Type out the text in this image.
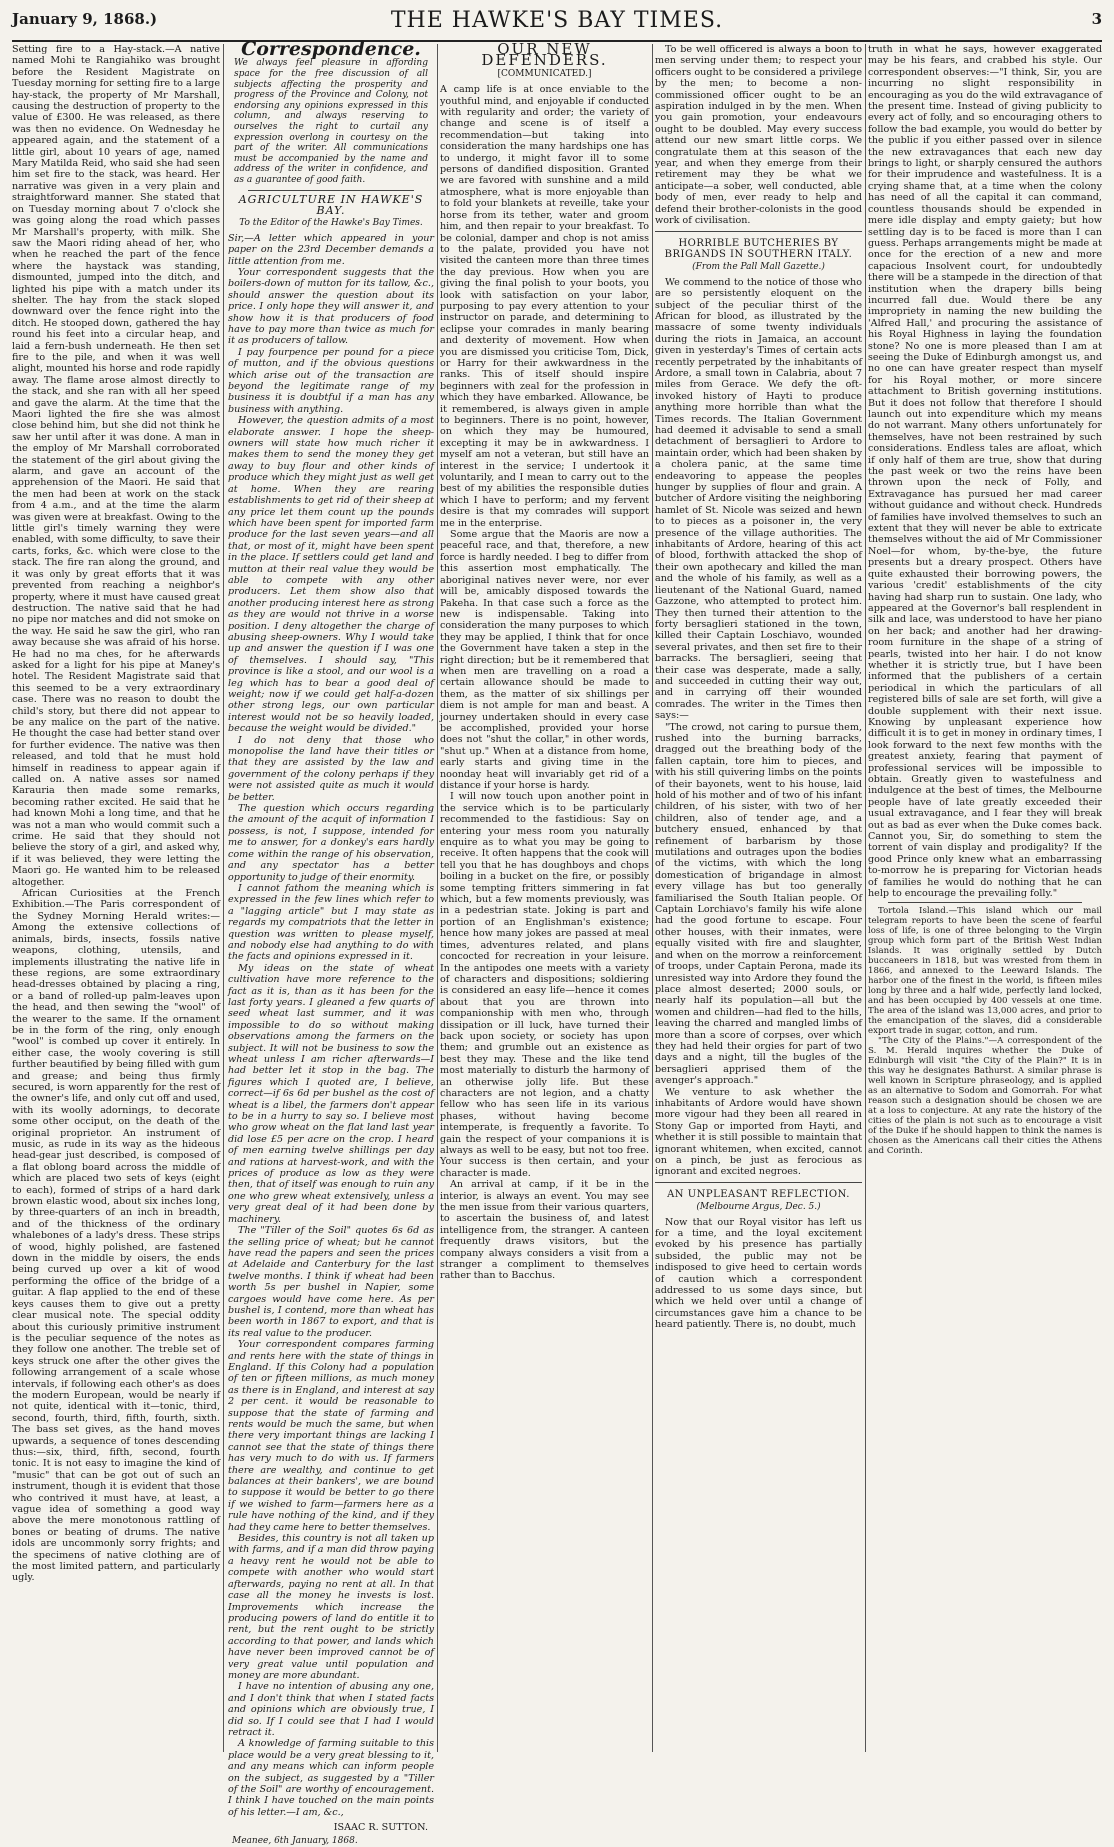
January 9, 1868.)	THE HAWKE'S BAY TIMES.	3

Setting fire to a Hay-stack.—A native named Mohi te Rangiahiko was brought before the Resident Magistrate on Tuesday morning for setting fire to a large hay-stack, the property of Mr Marshall, causing the destruction of property to the value of £300. He was released, as there was then no evidence. On Wednesday he appeared again, and the statement of a little girl, about 10 years of age, named Mary Matilda Reid, who said she had seen him set fire to the stack, was heard. Her narrative was given in a very plain and straightforward manner. She stated that on Tuesday morning about 7 o'clock she was going along the road which passes Mr Marshall's property, with milk. She saw the Maori riding ahead of her, who when he reached the part of the fence where the haystack was standing, dismounted, jumped into the ditch, and lighted his pipe with a match under its shelter. The hay from the stack sloped downward over the fence right into the ditch. He stooped down, gathered the hay round his feet into a circular heap, and laid a fern-bush underneath. He then set fire to the pile, and when it was well alight, mounted his horse and rode rapidly away. The flame arose almost directly to the stack, and she ran with all her speed and gave the alarm. At the time that the Maori lighted the fire she was almost close behind him, but she did not think he saw her until after it was done. A man in the employ of Mr Marshall corroborated the statement of the girl about giving the alarm, and gave an account of the apprehension of the Maori. He said that the men had been at work on the stack from 4 a.m., and at the time the alarm was given were at breakfast. Owing to the little girl's timely warning they were enabled, with some difficulty, to save their carts, forks, &c. which were close to the stack. The fire ran along the ground, and it was only by great efforts that it was prevented from reaching a neighbor's property, where it must have caused great destruction. The native said that he had no pipe nor matches and did not smoke on the way. He said he saw the girl, who ran away because she was afraid of his horse. He had no ma ches, for he afterwards asked for a light for his pipe at Maney's hotel. The Resident Magistrate said that this seemed to be a very extraordinary case. There was no reason to doubt the child's story, but there did not appear to be any malice on the part of the native. He thought the case had better stand over for further evidence. The native was then released, and told that he must hold himself in readiness to appear again if called on. A native asses sor named Karauria then made some remarks, becoming rather excited. He said that he had known Mohi a long time, and that he was not a man who would commit such a crime. He said that they should not believe the story of a girl, and asked why, if it was believed, they were letting the Maori go. He wanted him to be released altogether.

African Curiosities at the French Exhibition.—The Paris correspondent of the Sydney Morning Herald writes:—Among the extensive collections of animals, birds, insects, fossils native weapons, clothing, utensils, and implements illustrating the native life in these regions, are some extraordinary head-dresses obtained by placing a ring, or a band of rolled-up palm-leaves upon the head, and then sewing the "wool" of the wearer to the same. If the ornament be in the form of the ring, only enough "wool" is combed up cover it entirely. In either case, the wooly covering is still further beautified by being filled with gum and grease; and being thus firmly secured, is worn apparently for the rest of the owner's life, and only cut off and used, with its woolly adornings, to decorate some other occiput, on the death of the original proprietor. An instrument of music, as rude in its way as the hideous head-gear just described, is composed of a flat oblong board across the middle of which are placed two sets of keys (eight to each), formed of strips of a hard dark brown elastic wood, about six inches long, by three-quarters of an inch in breadth, and of the thickness of the ordinary whalebones of a lady's dress. These strips of wood, highly polished, are fastened down in the middle by oisers, the ends being curved up over a kit of wood performing the office of the bridge of a guitar. A flap applied to the end of these keys causes them to give out a pretty clear musical note. The special oddity about this curiously primitive instrument is the peculiar sequence of the notes as they follow one another. The treble set of keys struck one after the other gives the following arrangement of a scale whose intervals, if following each other's as does the modern European, would be nearly if not quite, identical with it—tonic, third, second, fourth, third, fifth, fourth, sixth. The bass set gives, as the hand moves upwards, a sequence of tones descending thus:—six, third, fifth, second, fourth tonic. It is not easy to imagine the kind of "music" that can be got out of such an instrument, though it is evident that those who contrived it must have, at least, a vague idea of something a good way above the mere monotonous rattling of bones or beating of drums. The native idols are uncommonly sorry frights; and the specimens of native clothing are of the most limited pattern, and particularly ugly.

Correspondence.
We always feel pleasure in affording space for the free discussion of all subjects affecting the prosperity and progress of the Province and Colony, not endorsing any opinions expressed in this column, and always reserving to ourselves the right to curtail any expression overlong in courtesy on the part of the writer. All communications must be accompanied by the name and address of the writer in confidence, and as a guarantee of good faith.
AGRICULTURE IN HAWKE'S BAY.
To the Editor of the Hawke's Bay Times.

Sir,—A letter which appeared in your paper on the 23rd December demands a little attention from me.

Your correspondent suggests that the boilers-down of mutton for its tallow, &c., should answer the question about its price. I only hope they will answer it, and show how it is that producers of food have to pay more than twice as much for it as producers of tallow.

I pay fourpence per pound for a piece of mutton, and if the obvious questions which arise out of the transaction are beyond the legitimate range of my business it is doubtful if a man has any business with anything.

However, the question admits of a most elaborate answer. I hope the sheep-owners will state how much richer it makes them to send the money they get away to buy flour and other kinds of produce which they might just as well get at home. When they are rearing establishments to get rid of their sheep at any price let them count up the pounds which have been spent for imported farm produce for the last seven years—and all that, or most of it, might have been spent in the place. If settlers could get land and mutton at their real value they would be able to compete with any other producers. Let them show also that another producing interest here as strong as they are would not thrive in a worse position. I deny altogether the charge of abusing sheep-owners. Why I would take up and answer the question if I was one of themselves. I should say, "This province is like a stool, and our wool is a leg which has to bear a good deal of weight; now if we could get half-a-dozen other strong legs, our own particular interest would not be so heavily loaded, because the weight would be divided."

I do not deny that those who monopolise the land have their titles or that they are assisted by the law and government of the colony perhaps if they were not assisted quite as much it would be better.

The question which occurs regarding the amount of the acquit of information I possess, is not, I suppose, intended for me to answer, for a donkey's ears hardly come within the range of his observation, and any spectator has a better opportunity to judge of their enormity.

I cannot fathom the meaning which is expressed in the few lines which refer to a "lagging article" but I may state as regards my compatriots that the letter in question was written to please myself, and nobody else had anything to do with the facts and opinions expressed in it.

My ideas on the state of wheat cultivation have more reference to the fact as it is, than as it has been for the last forty years. I gleaned a few quarts of seed wheat last summer, and it was impossible to do so without making observations among the farmers on the subject. It will not be business to sow the wheat unless I am richer afterwards—I had better let it stop in the bag. The figures which I quoted are, I believe, correct—if 6s 6d per bushel as the cost of wheat is a libel, the farmers don't appear to be in a hurry to say so. I believe most who grow wheat on the flat land last year did lose £5 per acre on the crop. I heard of men earning twelve shillings per day and rations at harvest-work, and with the prices of produce as low as they were then, that of itself was enough to ruin any one who grew wheat extensively, unless a very great deal of it had been done by machinery.

The "Tiller of the Soil" quotes 6s 6d as the selling price of wheat; but he cannot have read the papers and seen the prices at Adelaide and Canterbury for the last twelve months. I think if wheat had been worth 5s per bushel in Napier, some cargoes would have come here. As per bushel is, I contend, more than wheat has been worth in 1867 to export, and that is its real value to the producer.

Your correspondent compares farming and rents here with the state of things in England. If this Colony had a population of ten or fifteen millions, as much money as there is in England, and interest at say 2 per cent. it would be reasonable to suppose that the state of farming and rents would be much the same, but when there very important things are lacking I cannot see that the state of things there has very much to do with us. If farmers there are wealthy, and continue to get balances at their bankers', we are bound to suppose it would be better to go there if we wished to farm—farmers here as a rule have nothing of the kind, and if they had they came here to better themselves.

Besides, this country is not all taken up with farms, and if a man did throw paying a heavy rent he would not be able to compete with another who would start afterwards, paying no rent at all. In that case all the money he invests is lost. Improvements which increase the producing powers of land do entitle it to rent, but the rent ought to be strictly according to that power, and lands which have never been improved cannot be of very great value until population and money are more abundant.

I have no intention of abusing any one, and I don't think that when I stated facts and opinions which are obviously true, I did so. If I could see that I had I would retract it.

A knowledge of farming suitable to this place would be a very great blessing to it, and any means which can inform people on the subject, as suggested by a "Tiller of the Soil" are worthy of encouragement. I think I have touched on the main points of his letter.—I am, &c.,

ISAAC R. SUTTON.
Meanee, 6th January, 1868.
OUR NEW DEFENDERS.
[COMMUNICATED.]

A camp life is at once enviable to the youthful mind, and enjoyable if conducted with regularity and order; the variety of change and scene is of itself a recommendation—but taking into consideration the many hardships one has to undergo, it might favor ill to some persons of dandified disposition. Granted we are favored with sunshine and a mild atmosphere, what is more enjoyable than to fold your blankets at reveille, take your horse from its tether, water and groom him, and then repair to your breakfast. To be colonial, damper and chop is not amiss to the palate, provided you have not visited the canteen more than three times the day previous. How when you are giving the final polish to your boots, you look with satisfaction on your labor, purposing to pay every attention to your instructor on parade, and determining to eclipse your comrades in manly bearing and dexterity of movement. How when you are dismissed you criticise Tom, Dick, or Harry for their awkwardness in the ranks. This of itself should inspire beginners with zeal for the profession in which they have embarked. Allowance, be it remembered, is always given in ample to beginners. There is no point, however, on which they may be humoured, excepting it may be in awkwardness. I myself am not a veteran, but still have an interest in the service; I undertook it voluntarily, and I mean to carry out to the best of my abilities the responsible duties which I have to perform; and my fervent desire is that my comrades will support me in the enterprise.

Some argue that the Maoris are now a peaceful race, and that, therefore, a new force is hardly needed. I beg to differ from this assertion most emphatically. The aboriginal natives never were, nor ever will be, amicably disposed towards the Pakeha. In that case such a force as the new is indispensable. Taking into consideration the many purposes to which they may be applied, I think that for once the Government have taken a step in the right direction; but be it remembered that when men are travelling on a road a certain allowance should be made to them, as the matter of six shillings per diem is not ample for man and beast. A journey undertaken should in every case be accomplished, provided your horse does not "shut the collar," in other words, "shut up." When at a distance from home, early starts and giving time in the noonday heat will invariably get rid of a distance if your horse is hardy.

I will now touch upon another point in the service which is to be particularly recommended to the fastidious: Say on entering your mess room you naturally enquire as to what you may be going to receive. It often happens that the cook will tell you that he has doughboys and chops boiling in a bucket on the fire, or possibly some tempting fritters simmering in fat which, but a few moments previously, was in a pedestrian state. Joking is part and portion of an Englishman's existence; hence how many jokes are passed at meal times, adventures related, and plans concocted for recreation in your leisure. In the antipodes one meets with a variety of characters and dispositions; soldiering is considered an easy life—hence it comes about that you are thrown into companionship with men who, through dissipation or ill luck, have turned their back upon society, or society has upon them; and grumble out an existence as best they may. These and the like tend most materially to disturb the harmony of an otherwise jolly life. But these characters are not legion, and a chatty fellow who has seen life in its various phases, without having become intemperate, is frequently a favorite. To gain the respect of your companions it is always as well to be easy, but not too free. Your success is then certain, and your character is made.

An arrival at camp, if it be in the interior, is always an event. You may see the men issue from their various quarters, to ascertain the business of, and latest intelligence from, the stranger. A canteen frequently draws visitors, but the company always considers a visit from a stranger a compliment to themselves rather than to Bacchus.

To be well officered is always a boon to men serving under them; to respect your officers ought to be considered a privilege by the men; to become a non-commissioned officer ought to be an aspiration indulged in by the men. When you gain promotion, your endeavours ought to be doubled. May every success attend our new smart little corps. We congratulate them at this season of the year, and when they emerge from their retirement may they be what we anticipate—a sober, well conducted, able body of men, ever ready to help and defend their brother-colonists in the good work of civilisation.

HORRIBLE BUTCHERIES BY BRIGANDS IN SOUTHERN ITALY.
(From the Pall Mall Gazette.)

We commend to the notice of those who are so persistently eloquent on the subject of the peculiar thirst of the African for blood, as illustrated by the massacre of some twenty individuals during the riots in Jamaica, an account given in yesterday's Times of certain acts recently perpetrated by the inhabitants of Ardore, a small town in Calabria, about 7 miles from Gerace. We defy the oft-invoked history of Hayti to produce anything more horrible than what the Times records. The Italian Government had deemed it advisable to send a small detachment of bersaglieri to Ardore to maintain order, which had been shaken by a cholera panic, at the same time endeavoring to appease the peoples hunger by supplies of flour and grain. A butcher of Ardore visiting the neighboring hamlet of St. Nicole was seized and hewn to to pieces as a poisoner in, the very presence of the village authorities. The inhabitants of Ardore, hearing of this act of blood, forthwith attacked the shop of their own apothecary and killed the man and the whole of his family, as well as a lieutenant of the National Guard, named Gazzone, who attempted to protect him. They then turned their attention to the forty bersaglieri stationed in the town, killed their Captain Loschiavo, wounded several privates, and then set fire to their barracks. The bersaglieri, seeing that their case was desperate, made a sally, and succeeded in cutting their way out, and in carrying off their wounded comrades. The writer in the Times then says:—

"The crowd, not caring to pursue them, rushed into the burning barracks, dragged out the breathing body of the fallen captain, tore him to pieces, and with his still quivering limbs on the points of their bayonets, went to his house, laid hold of his mother and of two of his infant children, of his sister, with two of her children, also of tender age, and a butchery ensued, enhanced by that refinement of barbarism by those mutilations and outrages upon the bodies of the victims, with which the long domestication of brigandage in almost every village has but too generally familiarised the South Italian people. Of Captain Lorchiavo's family his wife alone had the good fortune to escape. Four other houses, with their inmates, were equally visited with fire and slaughter, and when on the morrow a reinforcement of troops, under Captain Perona, made its unresisted way into Ardore they found the place almost deserted; 2000 souls, or nearly half its population—all but the women and children—had fled to the hills, leaving the charred and mangled limbs of more than a score of corpses, over which they had held their orgies for part of two days and a night, till the bugles of the bersaglieri apprised them of the avenger's approach."

We venture to ask whether the inhabitants of Ardore would have shown more vigour had they been all reared in Stony Gap or imported from Hayti, and whether it is still possible to maintain that ignorant whitemen, when excited, cannot on a pinch, be just as ferocious as ignorant and excited negroes.

AN UNPLEASANT REFLECTION.
(Melbourne Argus, Dec. 5.)

Now that our Royal visitor has left us for a time, and the loyal excitement evoked by his presence has partially subsided, the public may not be indisposed to give heed to certain words of caution which a correspondent addressed to us some days since, but which we held over until a change of circumstances gave him a chance to be heard patiently. There is, no doubt, much

truth in what he says, however exaggerated may be his fears, and crabbed his style. Our correspondent observes:—"I think, Sir, you are incurring no slight responsibility in encouraging as you do the wild extravagance of the present time. Instead of giving publicity to every act of folly, and so encouraging others to follow the bad example, you would do better by the public if you either passed over in silence the new extravagances that each new day brings to light, or sharply censured the authors for their imprudence and wastefulness. It is a crying shame that, at a time when the colony has need of all the capital it can command, countless thousands should be expended in mere idle display and empty gaiety; but how settling day is to be faced is more than I can guess. Perhaps arrangements might be made at once for the erection of a new and more capacious Insolvent court, for undoubtedly there will be a stampede in the direction of that institution when the drapery bills being incurred fall due. Would there be any impropriety in naming the new building the 'Alfred Hall,' and procuring the assistance of his Royal Highness in laying the foundation stone? No one is more pleased than I am at seeing the Duke of Edinburgh amongst us, and no one can have greater respect than myself for his Royal mother, or more sincere attachment to British governing institutions. But it does not follow that therefore I should launch out into expenditure which my means do not warrant. Many others unfortunately for themselves, have not been restrained by such considerations. Endless tales are afloat, which if only half of them are true, show that during the past week or two the reins have been thrown upon the neck of Folly, and Extravagance has pursued her mad career without guidance and without check. Hundreds of families have involved themselves to such an extent that they will never be able to extricate themselves without the aid of Mr Commissioner Noel—for whom, by-the-bye, the future presents but a dreary prospect. Others have quite exhausted their borrowing powers, the various 'credit' establishments of the city having had sharp run to sustain. One lady, who appeared at the Governor's ball resplendent in silk and lace, was understood to have her piano on her back; and another had her drawing-room furniture in the shape of a string of pearls, twisted into her hair. I do not know whether it is strictly true, but I have been informed that the publishers of a certain periodical in which the particulars of all registered bills of sale are set forth, will give a double supplement with their next issue. Knowing by unpleasant experience how difficult it is to get in money in ordinary times, I look forward to the next few months with the greatest anxiety, fearing that payment of professional services will be impossible to obtain. Greatly given to wastefulness and indulgence at the best of times, the Melbourne people have of late greatly exceeded their usual extravagance, and I fear they will break out as bad as ever when the Duke comes back. Cannot you, Sir, do something to stem the torrent of vain display and prodigality? If the good Prince only knew what an embarrassing to-morrow he is preparing for Victorian heads of families he would do nothing that he can help to encourage the prevailing folly."

Tortola Island.—This island which our mail telegram reports to have been the scene of fearful loss of life, is one of three belonging to the Virgin group which form part of the British West Indian Islands. It was originally settled by Dutch buccaneers in 1818, but was wrested from them in 1866, and annexed to the Leeward Islands. The harbor one of the finest in the world, is fifteen miles long by three and a half wide, perfectly land locked, and has been occupied by 400 vessels at one time. The area of the island was 13,000 acres, and prior to the emancipation of the slaves, did a considerable export trade in sugar, cotton, and rum.

"The City of the Plains."—A correspondent of the S. M. Herald inquires whether the Duke of Edinburgh will visit "the City of the Plain?" It is in this way he designates Bathurst. A similar phrase is well known in Scripture phraseology, and is applied as an alternative to Sodom and Gomorrah. For what reason such a designation should be chosen we are at a loss to conjecture. At any rate the history of the cities of the plain is not such as to encourage a visit of the Duke if he should happen to think the names is chosen as the Americans call their cities the Athens and Corinth.
